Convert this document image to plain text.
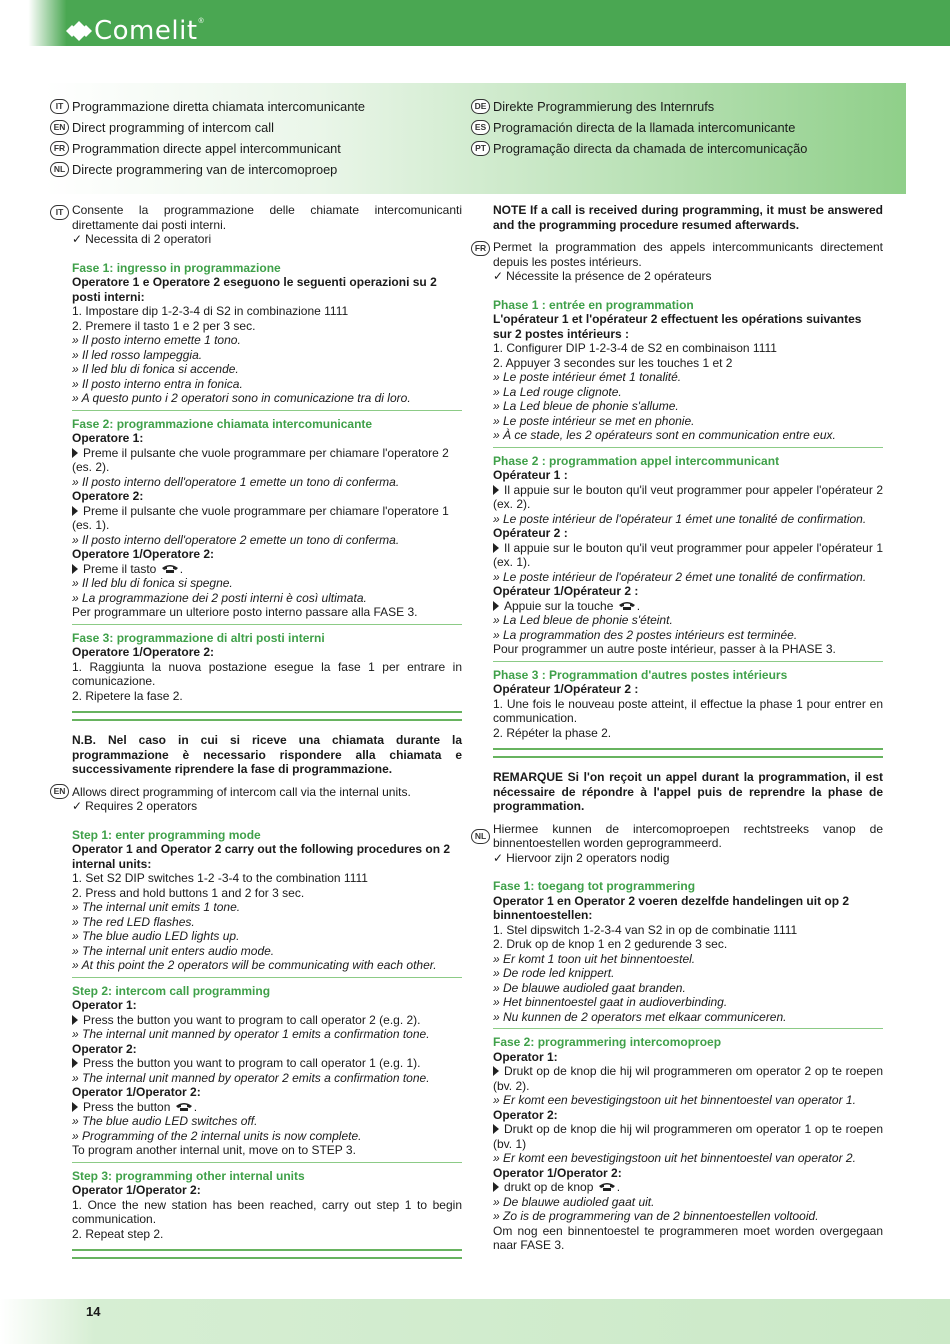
Comelit ®
IT Programmazione diretta chiamata intercomunicante
EN Direct programming of intercom call
FR Programmation directe appel intercommunicant
NL Directe programmering van de intercomoproep
DE Direkte Programmierung des Internrufs
ES Programación directa de la llamada intercomunicante
PT Programação directa da chamada de intercomunicação
IT
EN
FR
NL

Consente la programmazione delle chiamate intercomunicanti direttamente dai posti interni.

✓ Necessita di 2 operatori

Fase 1: ingresso in programmazione

Operatore 1 e Operatore 2 eseguono le seguenti operazioni su 2 posti interni:

1. Impostare dip 1-2-3-4 di S2 in combinazione 1111

2. Premere il tasto 1 e 2 per 3 sec.

» Il posto interno emette 1 tono.

» Il led rosso lampeggia.

» Il led blu di fonica si accende.

» Il posto interno entra in fonica.

» A questo punto i 2 operatori sono in comunicazione tra di loro.

Fase 2: programmazione chiamata intercomunicante

Operatore 1:

Preme il pulsante che vuole programmare per chiamare l'operatore 2 (es. 2).

» Il posto interno dell'operatore 1 emette un tono di conferma.

Operatore 2:

Preme il pulsante che vuole programmare per chiamare l'operatore 1 (es. 1).

» Il posto interno dell'operatore 2 emette un tono di conferma.

Operatore 1/Operatore 2:

Preme il tasto .

» Il led blu di fonica si spegne.

» La programmazione dei 2 posti interni è così ultimata.

Per programmare un ulteriore posto interno passare alla FASE 3.

Fase 3: programmazione di altri posti interni

Operatore 1/Operatore 2:

1. Raggiunta la nuova postazione esegue la fase 1 per entrare in comunicazione.

2. Ripetere la fase 2.

N.B. Nel caso in cui si riceve una chiamata durante la programmazione è necessario rispondere alla chiamata e successivamente riprendere la fase di programmazione.

Allows direct programming of intercom call via the internal units.

✓ Requires 2 operators

Step 1: enter programming mode

Operator 1 and Operator 2 carry out the following procedures on 2 internal units:

1. Set S2 DIP switches 1-2 -3-4 to the combination 1111

2. Press and hold buttons 1 and 2 for 3 sec.

» The internal unit emits 1 tone.

» The red LED flashes.

» The blue audio LED lights up.

» The internal unit enters audio mode.

» At this point the 2 operators will be communicating with each other.

Step 2: intercom call programming

Operator 1:

Press the button you want to program to call operator 2 (e.g. 2).

» The internal unit manned by operator 1 emits a confirmation tone.

Operator 2:

Press the button you want to program to call operator 1 (e.g. 1).

» The internal unit manned by operator 2 emits a confirmation tone.

Operator 1/Operator 2:

Press the button .

» The blue audio LED switches off.

» Programming of the 2 internal units is now complete.

To program another internal unit, move on to STEP 3.

Step 3: programming other internal units

Operator 1/Operator 2:

1. Once the new station has been reached, carry out step 1 to begin communication.

2. Repeat step 2.

NOTE If a call is received during programming, it must be answered and the programming procedure resumed afterwards.

Permet la programmation des appels intercommunicants directement depuis les postes intérieurs.

✓ Nécessite la présence de 2 opérateurs

Phase 1 : entrée en programmation

L'opérateur 1 et l'opérateur 2 effectuent les opérations suivantes sur 2 postes intérieurs :

1. Configurer DIP 1-2-3-4 de S2 en combinaison 1111

2. Appuyer 3 secondes sur les touches 1 et 2

» Le poste intérieur émet 1 tonalité.

» La Led rouge clignote.

» La Led bleue de phonie s'allume.

» Le poste intérieur se met en phonie.

» À ce stade, les 2 opérateurs sont en communication entre eux.

Phase 2 : programmation appel intercommunicant

Opérateur 1 :

Il appuie sur le bouton qu'il veut programmer pour appeler l'opérateur 2 (ex. 2).

» Le poste intérieur de l'opérateur 1 émet une tonalité de confirmation.

Opérateur 2 :

Il appuie sur le bouton qu'il veut programmer pour appeler l'opérateur 1 (ex. 1).

» Le poste intérieur de l'opérateur 2 émet une tonalité de confirmation.

Opérateur 1/Opérateur 2 :

Appuie sur la touche .

» La Led bleue de phonie s'éteint.

» La programmation des 2 postes intérieurs est terminée.

Pour programmer un autre poste intérieur, passer à la PHASE 3.

Phase 3 : Programmation d'autres postes intérieurs

Opérateur 1/Opérateur 2 :

1. Une fois le nouveau poste atteint, il effectue la phase 1 pour entrer en communication.

2. Répéter la phase 2.

REMARQUE Si l'on reçoit un appel durant la programmation, il est nécessaire de répondre à l'appel puis de reprendre la phase de programmation.

Hiermee kunnen de intercomoproepen rechtstreeks vanop de binnentoestellen worden geprogrammeerd.

✓ Hiervoor zijn 2 operators nodig

Fase 1: toegang tot programmering

Operator 1 en Operator 2 voeren dezelfde handelingen uit op 2 binnentoestellen:

1. Stel dipswitch 1-2-3-4 van S2 in op de combinatie 1111

2. Druk op de knop 1 en 2 gedurende 3 sec.

» Er komt 1 toon uit het binnentoestel.

» De rode led knippert.

» De blauwe audioled gaat branden.

» Het binnentoestel gaat in audioverbinding.

» Nu kunnen de 2 operators met elkaar communiceren.

Fase 2: programmering intercomoproep

Operator 1:

Drukt op de knop die hij wil programmeren om operator 2 op te roepen (bv. 2).

» Er komt een bevestigingstoon uit het binnentoestel van operator 1.

Operator 2:

Drukt op de knop die hij wil programmeren om operator 1 op te roepen (bv. 1)

» Er komt een bevestigingstoon uit het binnentoestel van operator 2.

Operator 1/Operator 2:

drukt op de knop .

» De blauwe audioled gaat uit.

» Zo is de programmering van de 2 binnentoestellen voltooid.

Om nog een binnentoestel te programmeren moet worden overgegaan naar FASE 3.

14
